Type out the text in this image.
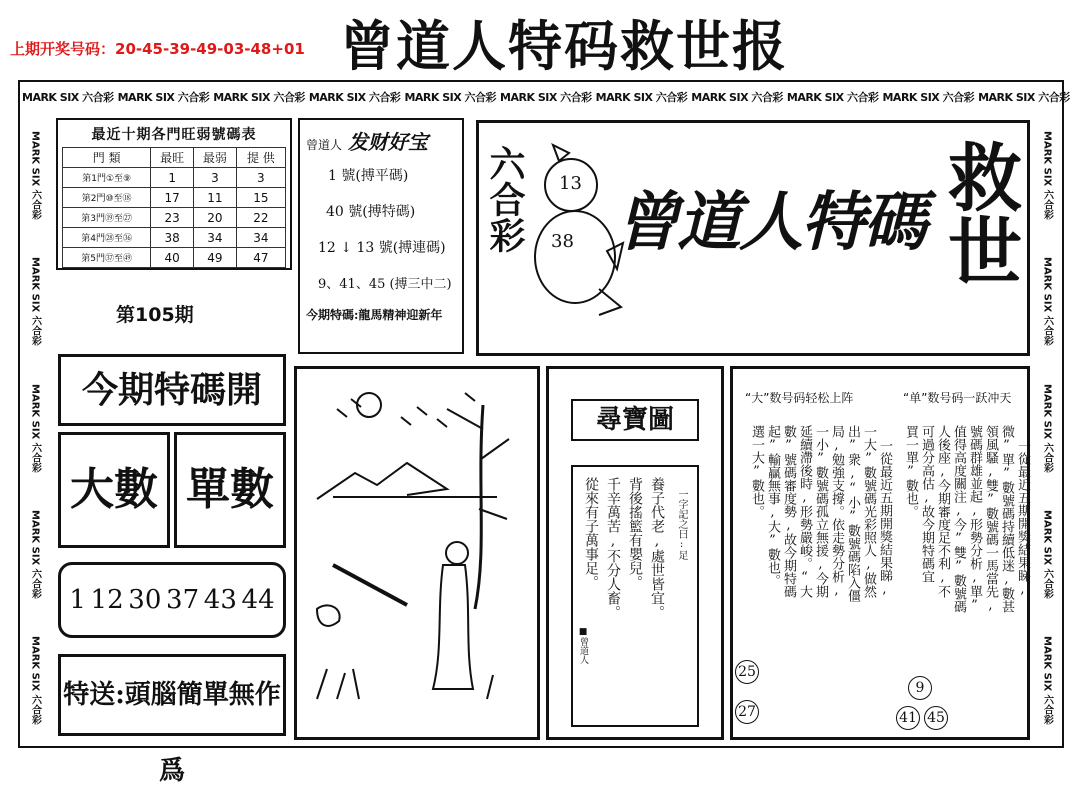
上期开奖号码：20-45-39-49-03-48+01 曾道人特码救世报
MARK SIX 六合彩 MARK SIX 六合彩 MARK SIX 六合彩 MARK SIX 六合彩 MARK SIX 六合彩 MARK SIX 六合彩 MARK SIX 六合彩 MARK SIX 六合彩 MARK SIX 六合彩 MARK SIX 六合彩 MARK SIX 六合彩
MARK SIX 六合彩
MARK SIX 六合彩
MARK SIX 六合彩
MARK SIX 六合彩
MARK SIX 六合彩
MARK SIX 六合彩
MARK SIX 六合彩
MARK SIX 六合彩
MARK SIX 六合彩
MARK SIX 六合彩
最近十期各門旺弱號碼表
門 類	最旺	最弱	提 供
第1門①至⑨	1	3	3
第2門⑩至⑱	17	11	15
第3門⑲至㉗	23	20	22
第4門㉘至㊱	38	34	34
第5門㊲至㊾	40	49	47
第105期
曾道人 发财好宝
1 號(搏平碼)
40 號(搏特碼)
12 ↓ 13 號(搏連碼)
9、41、45 (搏三中二)
今期特碼:龍馬精神迎新年
六合彩 13
38 曾道人特碼 救世
今期特碼開
大數 單數
1 12 30 37 43 44
特送:頭腦簡單無作爲
尋寶圖
一字記之曰:足
養子代老,處世皆宜。
背後搖籃有嬰兒。
千辛萬苦,不分人畜。
從來有子萬事足。
■曾道人
“大”数号码轻松上阵	“单”数号码一跃冲天
一從最近五期開獎結果睇,
一大”數號碼光彩照人,做然
出”衆,“小”數號碼陷入僵
局,勉強支撐。依走勢分析,
一小”數號碼孤立無援,今期
延續滯後時,形勢嚴峻。“大
數”號碼審度勢,故今期特碼
起”輸贏無事,大”數也。
選一大”數也。	一從最近五期開獎結果睇,
微”單”數號碼持續低迷,數甚
領風騷,雙”數號碼一馬當先,
號碼群雄並起,形勢分析,單”
值得高度關注,今”雙”數號碼
人後座,今期審度足不利,不
可過分高估,故今期特碼宜
買一單”數也。
25
27
9
41 45
